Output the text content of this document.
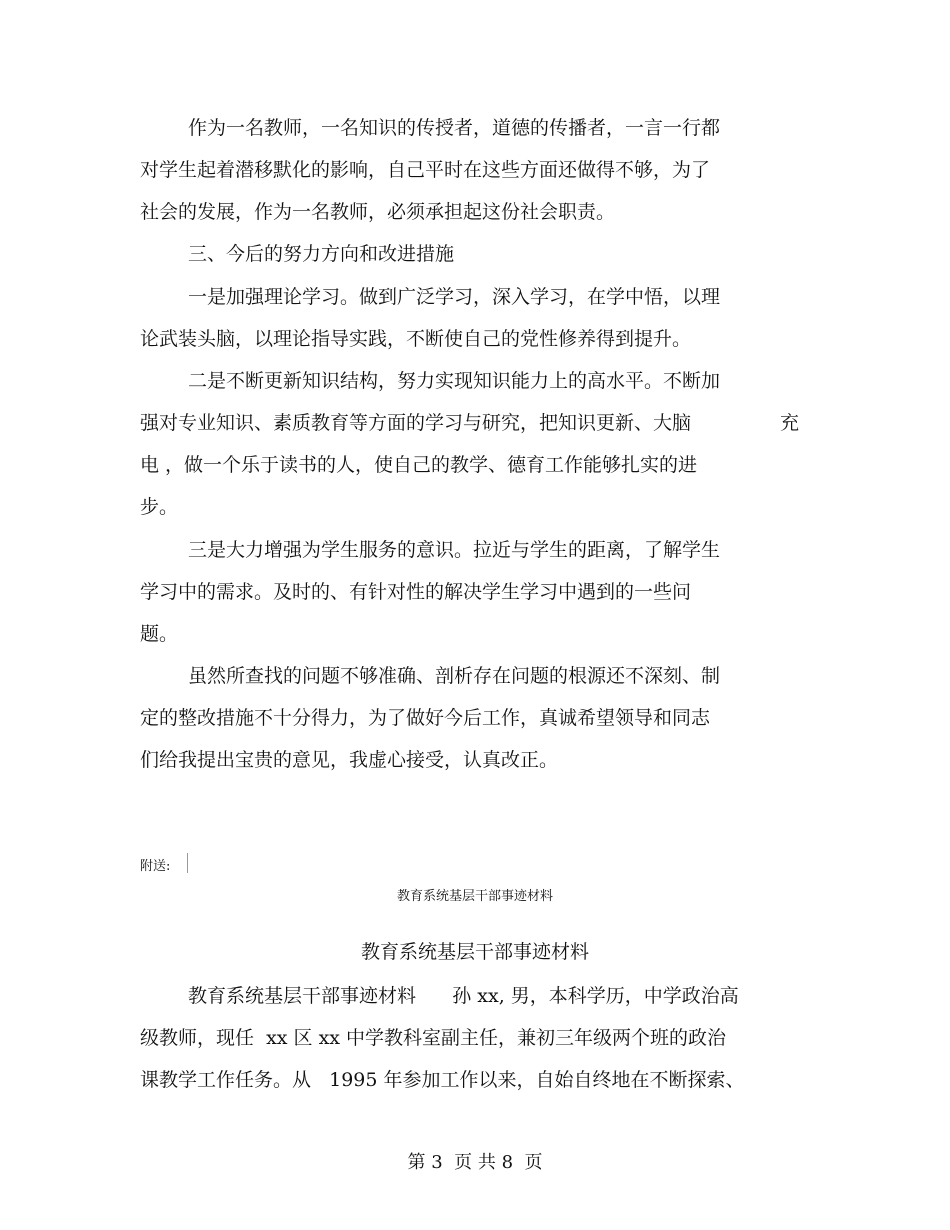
作为一名教师，一名知识的传授者，道德的传播者，一言一行都
对学生起着潜移默化的影响，自己平时在这些方面还做得不够，为了
社会的发展，作为一名教师，必须承担起这份社会职责。
三、今后的努力方向和改进措施
一是加强理论学习。做到广泛学习，深入学习，在学中悟，以理
论武装头脑，以理论指导实践，不断使自己的党性修养得到提升。
二是不断更新知识结构，努力实现知识能力上的高水平。不断加
强对专业知识、素质教育等方面的学习与研究，把知识更新、大脑	充
电 ，做一个乐于读书的人，使自己的教学、德育工作能够扎实的进
步。
三是大力增强为学生服务的意识。拉近与学生的距离，了解学生
学习中的需求。及时的、有针对性的解决学生学习中遇到的一些问
题。
虽然所查找的问题不够准确、剖析存在问题的根源还不深刻、制
定的整改措施不十分得力，为了做好今后工作，真诚希望领导和同志
们给我提出宝贵的意见，我虚心接受，认真改正。
附送:
教育系统基层干部事迹材料
教育系统基层干部事迹材料
教育系统基层干部事迹材料      孙 xx, 男，本科学历，中学政治高
级教师，现任  xx 区 xx 中学教科室副主任，兼初三年级两个班的政治
课教学工作任务。从   1995 年参加工作以来，自始自终地在不断探索、
第 3  页 共 8  页
